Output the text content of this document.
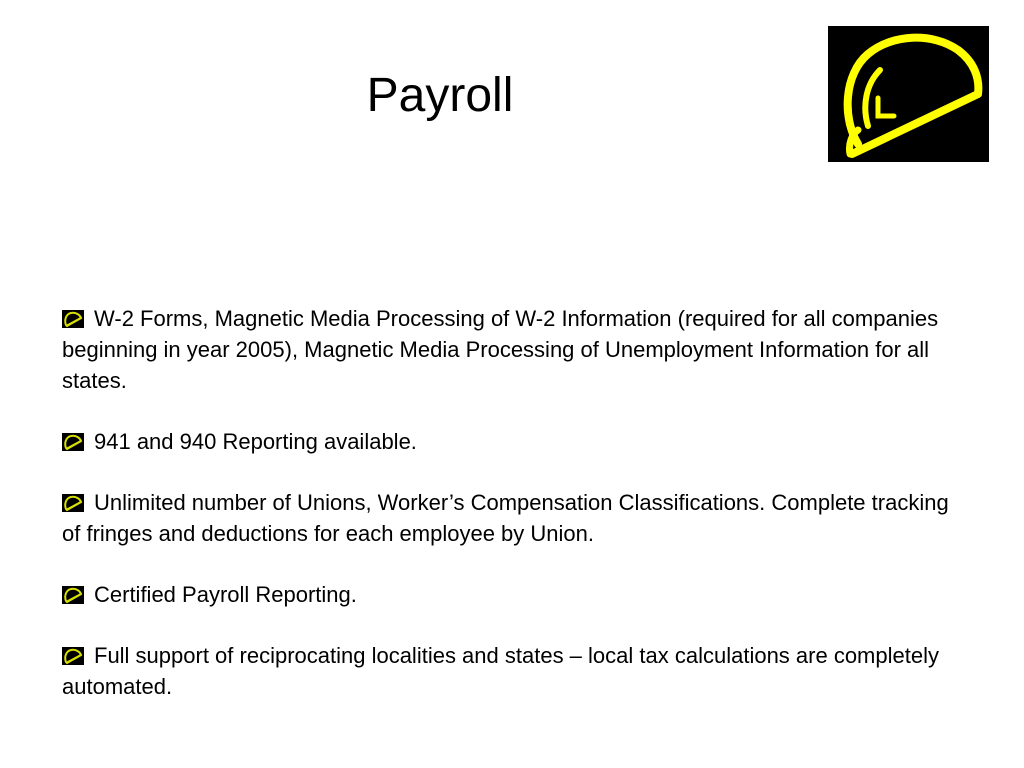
Payroll
W-2 Forms, Magnetic Media Processing of W-2 Information (required for all companies beginning in year 2005), Magnetic Media Processing of Unemployment Information for all states.
941 and 940 Reporting available.
Unlimited number of Unions, Worker’s Compensation Classifications. Complete tracking of fringes and deductions for each employee by Union.
Certified Payroll Reporting.
Full support of reciprocating localities and states – local tax calculations are completely automated.
